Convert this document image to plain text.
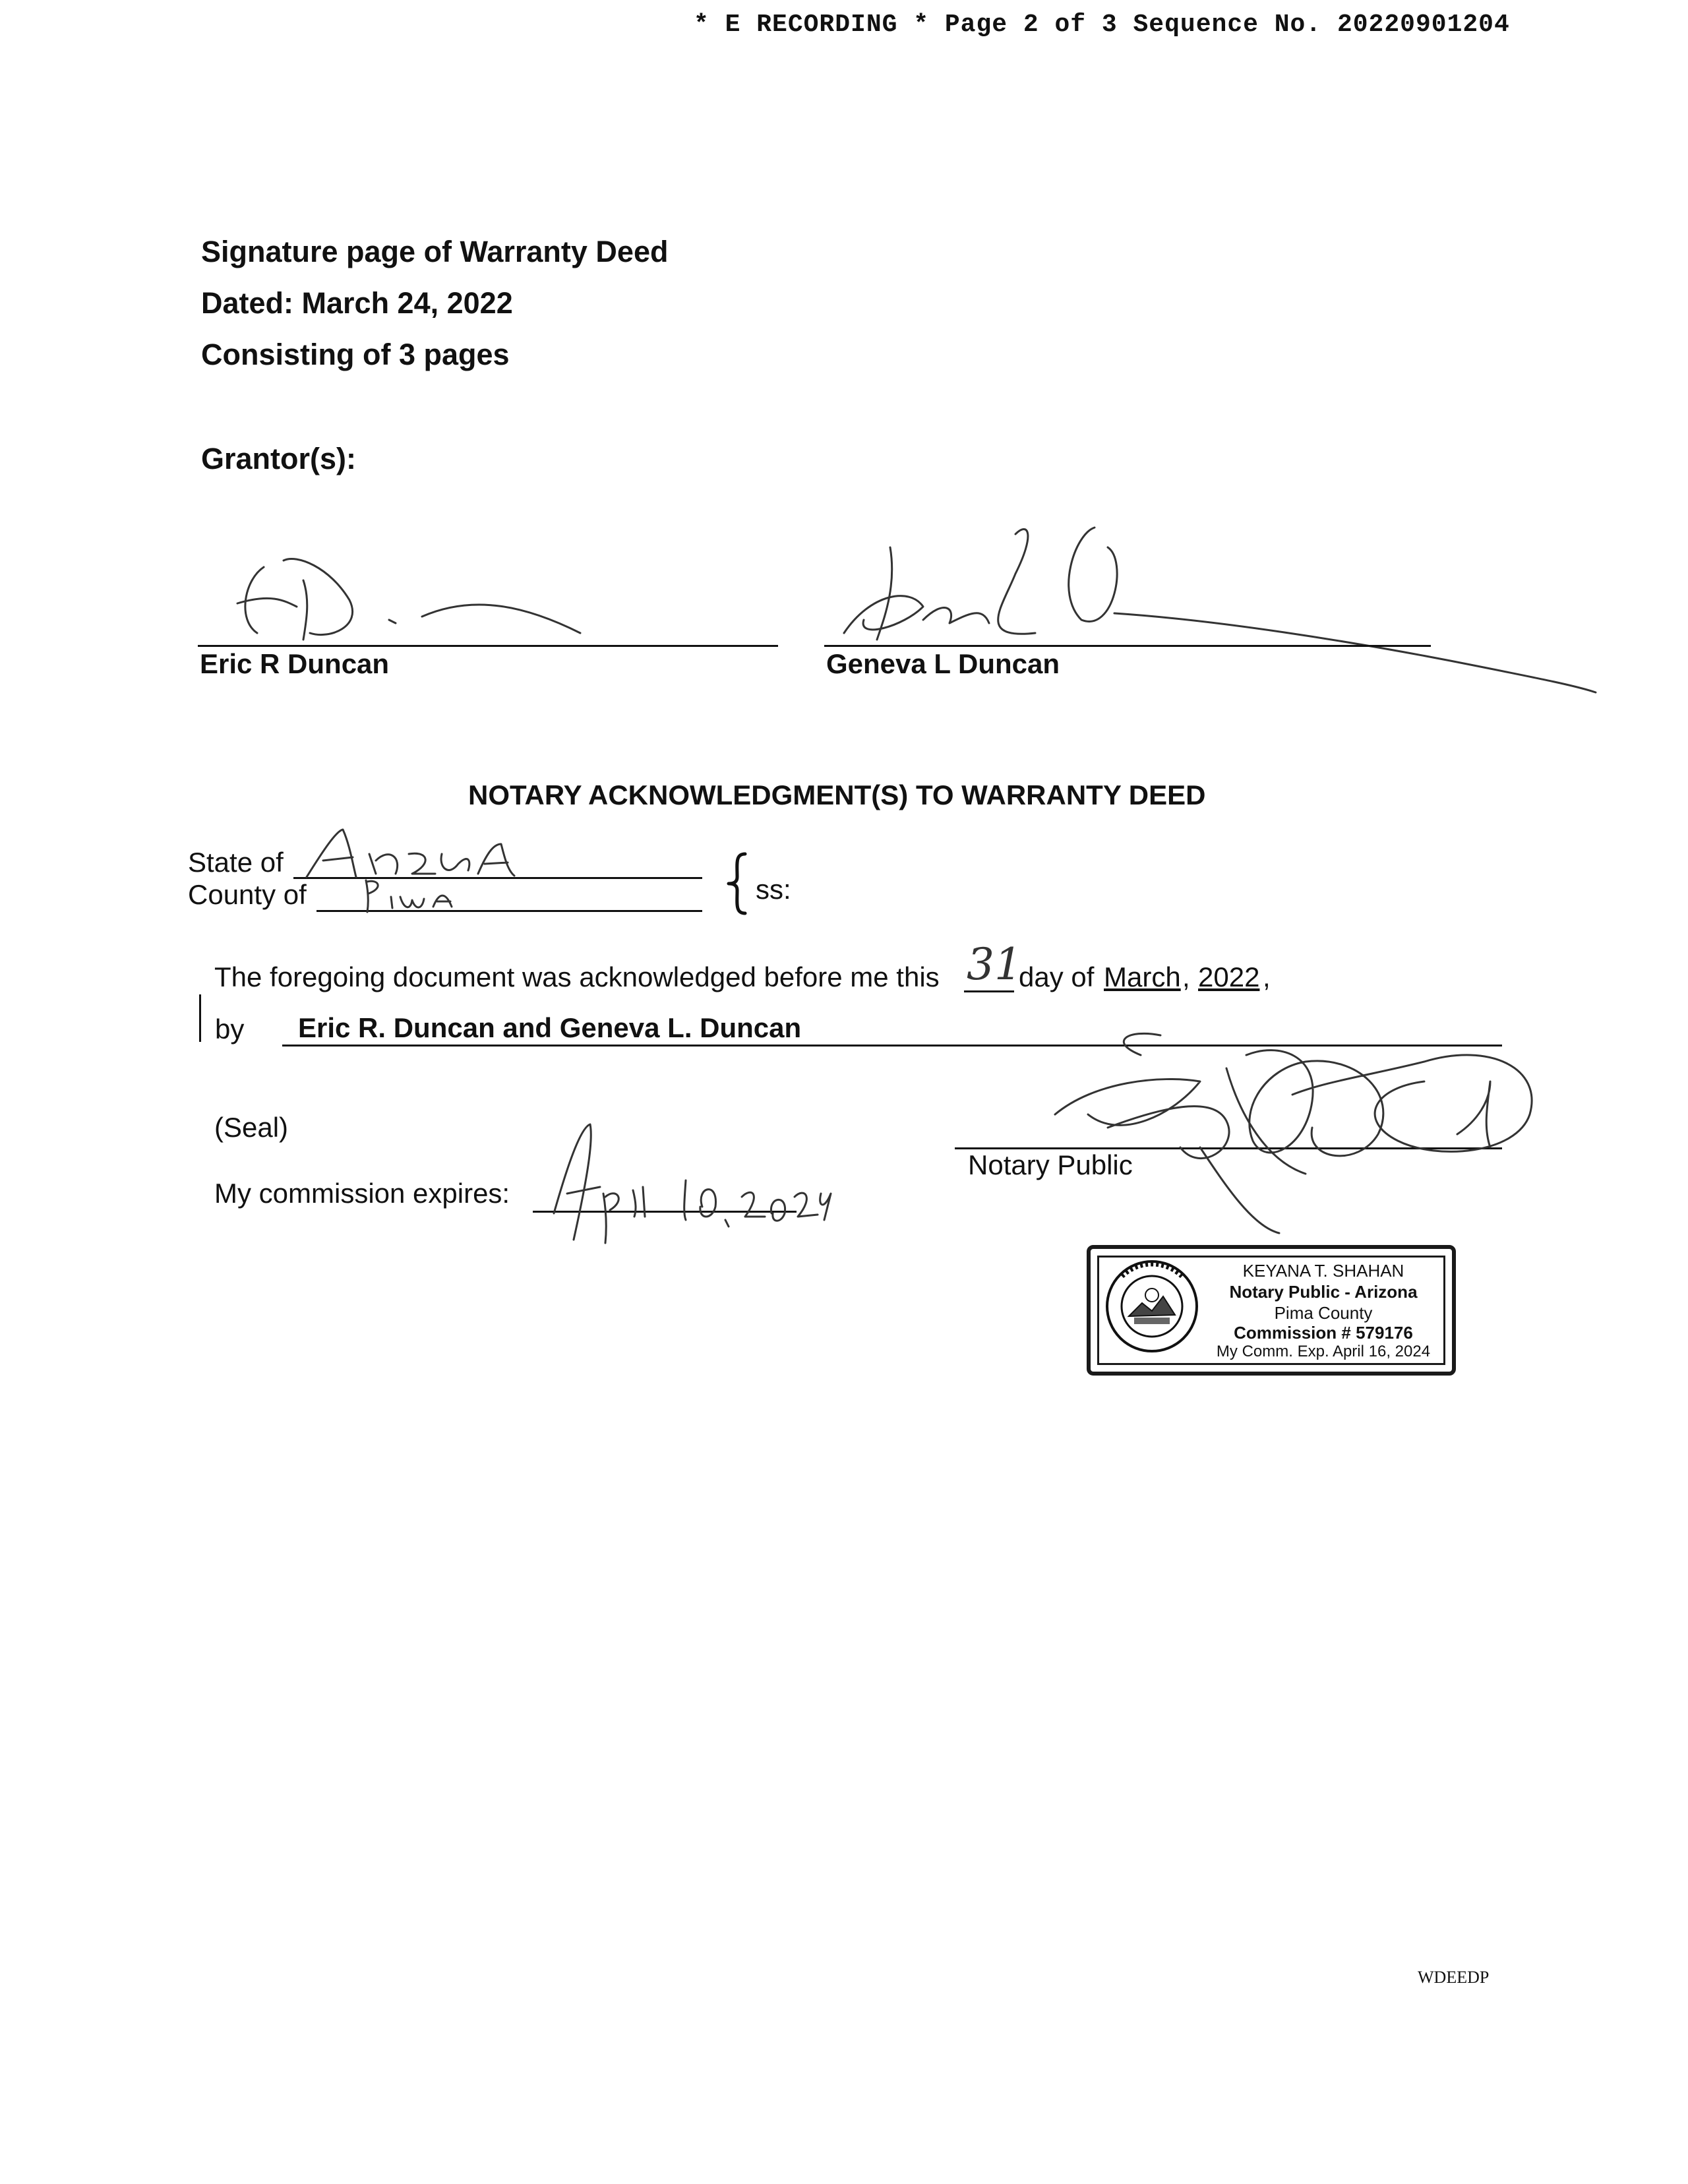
* E RECORDING * Page 2 of 3 Sequence No. 20220901204
Signature page of Warranty Deed
Dated: March 24, 2022
Consisting of 3 pages
Grantor(s):
Eric R Duncan	Geneva L Duncan
NOTARY ACKNOWLEDGMENT(S) TO WARRANTY DEED
State of
County of	ss:
The foregoing document was acknowledged before me this 31
day of March , 2022 ,
by Eric R. Duncan and Geneva L. Duncan
(Seal)
My commission expires:
Notary Public
KEYANA T. SHAHAN
Notary Public - Arizona
Pima County
Commission # 579176
My Comm. Exp. April 16, 2024
WDEEDP
